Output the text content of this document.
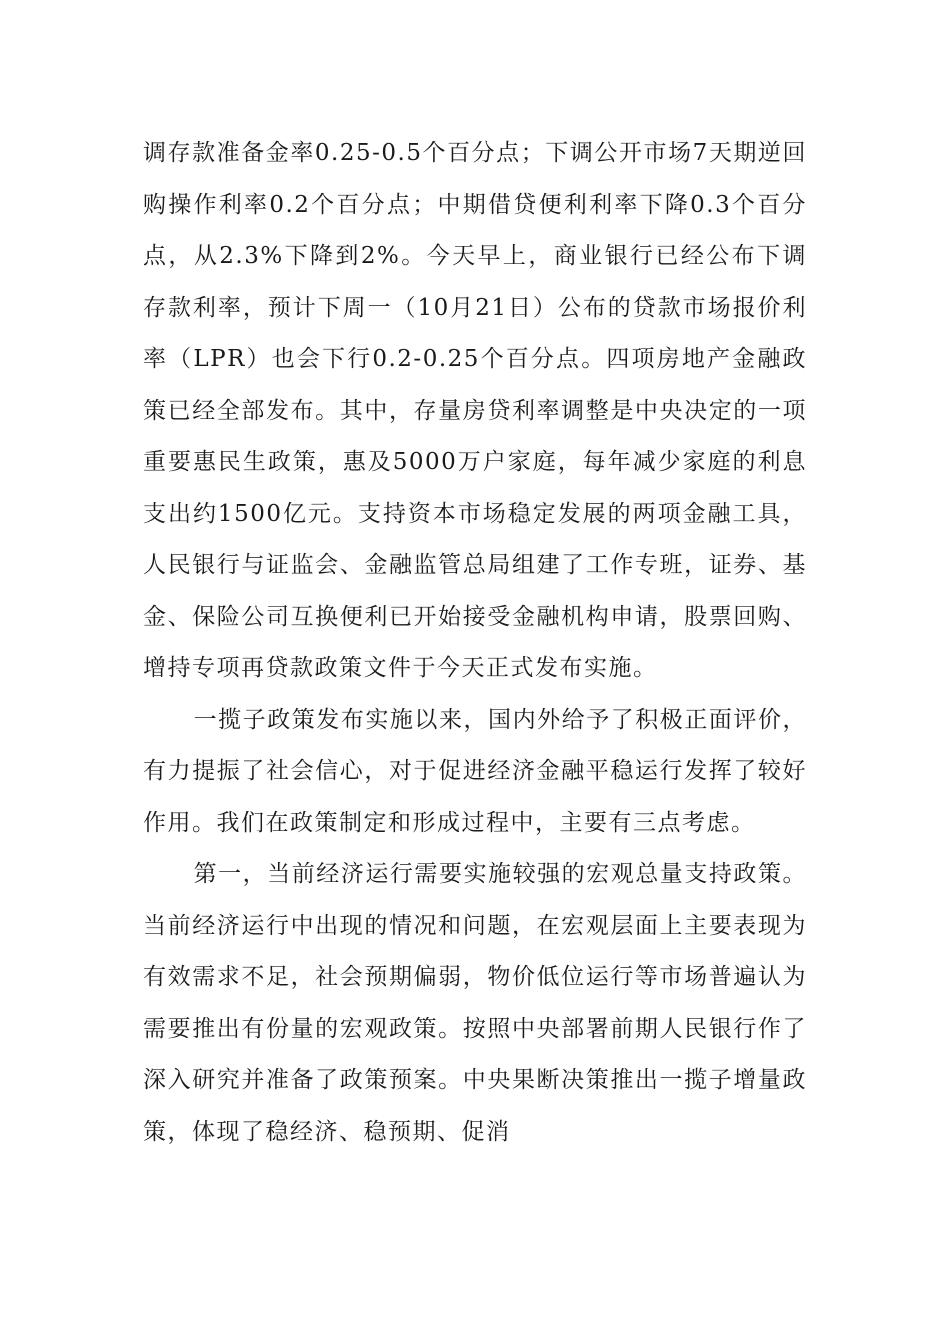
调存款准备金率0.25-0.5个百分点；下调公开市场7天期逆回购操作利率0.2个百分点；中期借贷便利利率下降0.3个百分点，从2.3%下降到2%。今天早上，商业银行已经公布下调存款利率，预计下周一（10月21日）公布的贷款市场报价利率（LPR）也会下行0.2-0.25个百分点。四项房地产金融政策已经全部发布。其中，存量房贷利率调整是中央决定的一项重要惠民生政策，惠及5000万户家庭，每年减少家庭的利息支出约1500亿元。支持资本市场稳定发展的两项金融工具，人民银行与证监会、金融监管总局组建了工作专班，证券、基金、保险公司互换便利已开始接受金融机构申请，股票回购、增持专项再贷款政策文件于今天正式发布实施。

一揽子政策发布实施以来，国内外给予了积极正面评价，有力提振了社会信心，对于促进经济金融平稳运行发挥了较好作用。我们在政策制定和形成过程中，主要有三点考虑。

第一，当前经济运行需要实施较强的宏观总量支持政策。当前经济运行中出现的情况和问题，在宏观层面上主要表现为有效需求不足，社会预期偏弱，物价低位运行等市场普遍认为需要推出有份量的宏观政策。按照中央部署前期人民银行作了深入研究并准备了政策预案。中央果断决策推出一揽子增量政策，体现了稳经济、稳预期、促消
